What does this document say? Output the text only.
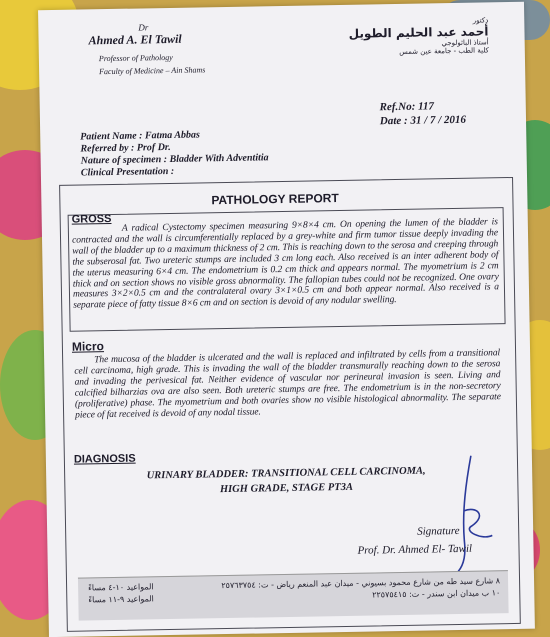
Dr
Ahmed A. El Tawil
Professor of Pathology
Faculty of Medicine – Ain Shams
دكتور
أحمد عبد الحليم الطويل
أستاذ الباثولوجي
كلية الطب - جامعة عين شمس
Ref.No: 117
Date : 31 / 7 / 2016
Patient Name : Fatma Abbas
Referred by : Prof Dr.
Nature of specimen : Bladder With Adventitia
Clinical Presentation :
PATHOLOGY REPORT
GROSS	A radical Cystectomy specimen measuring 9×8×4 cm. On opening the lumen of the bladder is contracted and the wall is circumferentially replaced by a grey-white and firm tumor tissue deeply invading the wall of the bladder up to a maximum thickness of 2 cm. This is reaching down to the serosa and creeping through the subserosal fat. Two ureteric stumps are included 3 cm long each. Also received is an inter adherent body of the uterus measuring 6×4 cm. The endometrium is 0.2 cm thick and appears normal. The myometrium is 2 cm thick and on section shows no visible gross abnormality. The fallopian tubes could not be recognized. One ovary measures 3×2×0.5 cm and the contralateral ovary 3×1×0.5 cm and both appear normal. Also received is a separate piece of fatty tissue 8×6 cm and on section is devoid of any nodular swelling.
Micro
The mucosa of the bladder is ulcerated and the wall is replaced and infiltrated by cells from a transitional cell carcinoma, high grade. This is invading the wall of the bladder transmurally reaching down to the serosa and invading the perivesical fat. Neither evidence of vascular nor perineural invasion is seen. Living and calcified bilharzias ova are also seen. Both ureteric stumps are free. The endometrium is in the non-secretory (proliferative) phase. The myometrium and both ovaries show no visible histological abnormality. The separate piece of fat received is devoid of any nodal tissue.
DIAGNOSIS
URINARY BLADDER: TRANSITIONAL CELL CARCINOMA,
HIGH GRADE, STAGE PT3A
Signature
Prof. Dr. Ahmed El- Tawil
المواعيد ١٠-٤ مساءً
المواعيد ٩-١١ مساءً
٨ شارع سيد طه من شارع محمود بسيوني - ميدان عبد المنعم رياض - ت: ٢٥٧٦٣٧٥٤
١٠ ب ميدان ابن سندر - ت: ٢٢٥٧٥٤١٥
